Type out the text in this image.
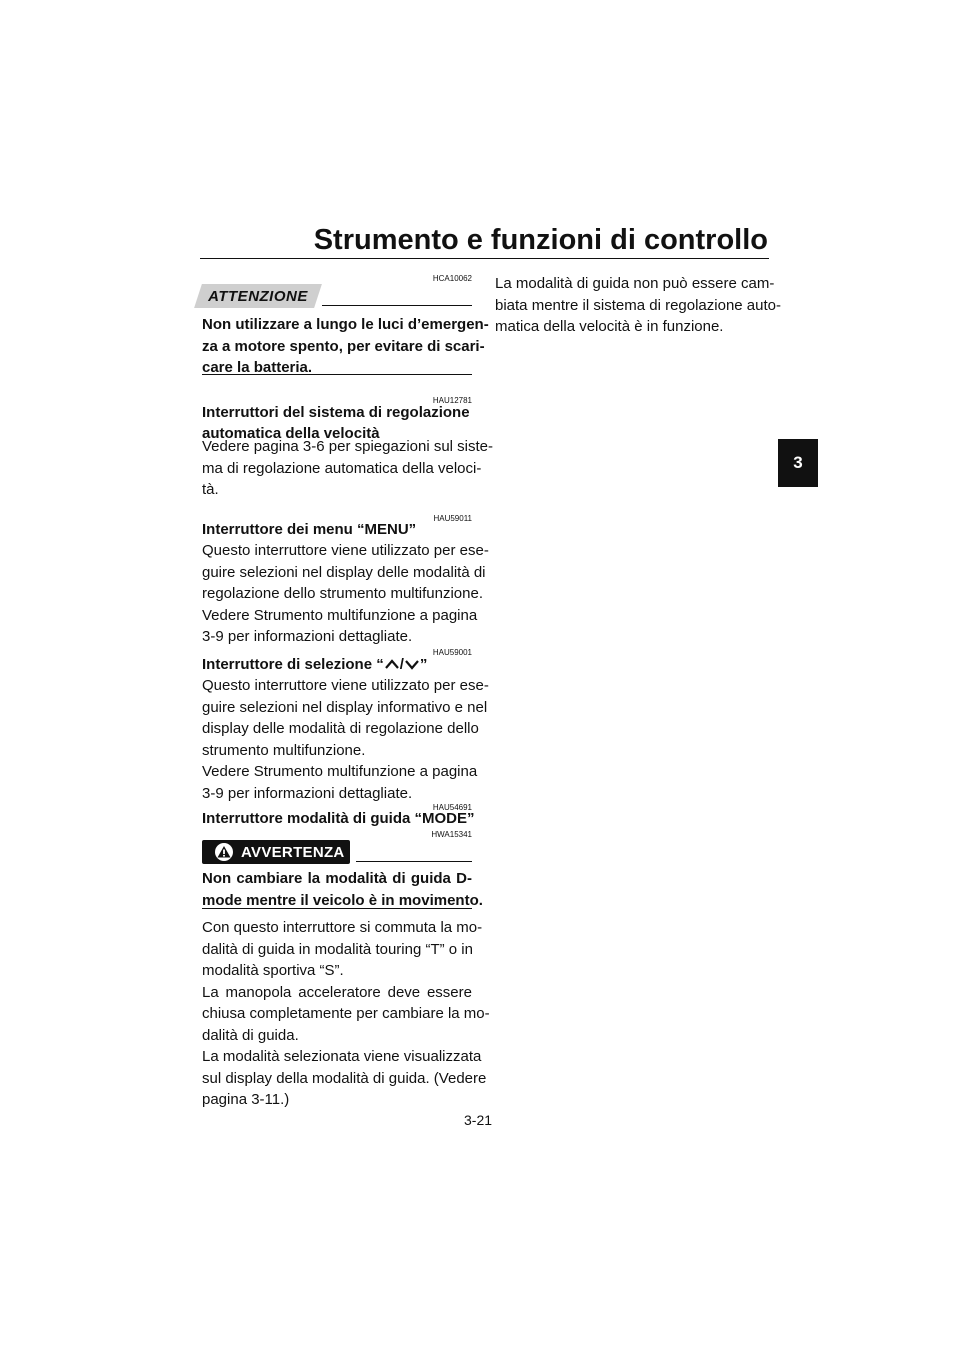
Strumento e funzioni di controllo
3
HCA10062
ATTENZIONE
Non utilizzare a lungo le luci d’emergen-
za a motore spento, per evitare di scari-
care la batteria.
HAU12781
Interruttori del sistema di regolazione
automatica della velocità
Vedere pagina 3-6 per spiegazioni sul siste-
ma di regolazione automatica della veloci-
tà.
HAU59011
Interruttore dei menu “MENU”
Questo interruttore viene utilizzato per ese-
guire selezioni nel display delle modalità di
regolazione dello strumento multifunzione.
Vedere Strumento multifunzione a pagina
3-9 per informazioni dettagliate.
HAU59001
Interruttore di selezione “ / ”
Questo interruttore viene utilizzato per ese-
guire selezioni nel display informativo e nel
display delle modalità di regolazione dello
strumento multifunzione.
Vedere Strumento multifunzione a pagina
3-9 per informazioni dettagliate.
HAU54691
Interruttore modalità di guida “MODE”
HWA15341
AVVERTENZA
Non cambiare la modalità di guida D-
mode mentre il veicolo è in movimento.
Con questo interruttore si commuta la mo-
dalità di guida in modalità touring “T” o in
modalità sportiva “S”.
La manopola acceleratore deve essere
chiusa completamente per cambiare la mo-
dalità di guida.
La modalità selezionata viene visualizzata
sul display della modalità di guida. (Vedere
pagina 3-11.)
La modalità di guida non può essere cam-
biata mentre il sistema di regolazione auto-
matica della velocità è in funzione.
3-21
